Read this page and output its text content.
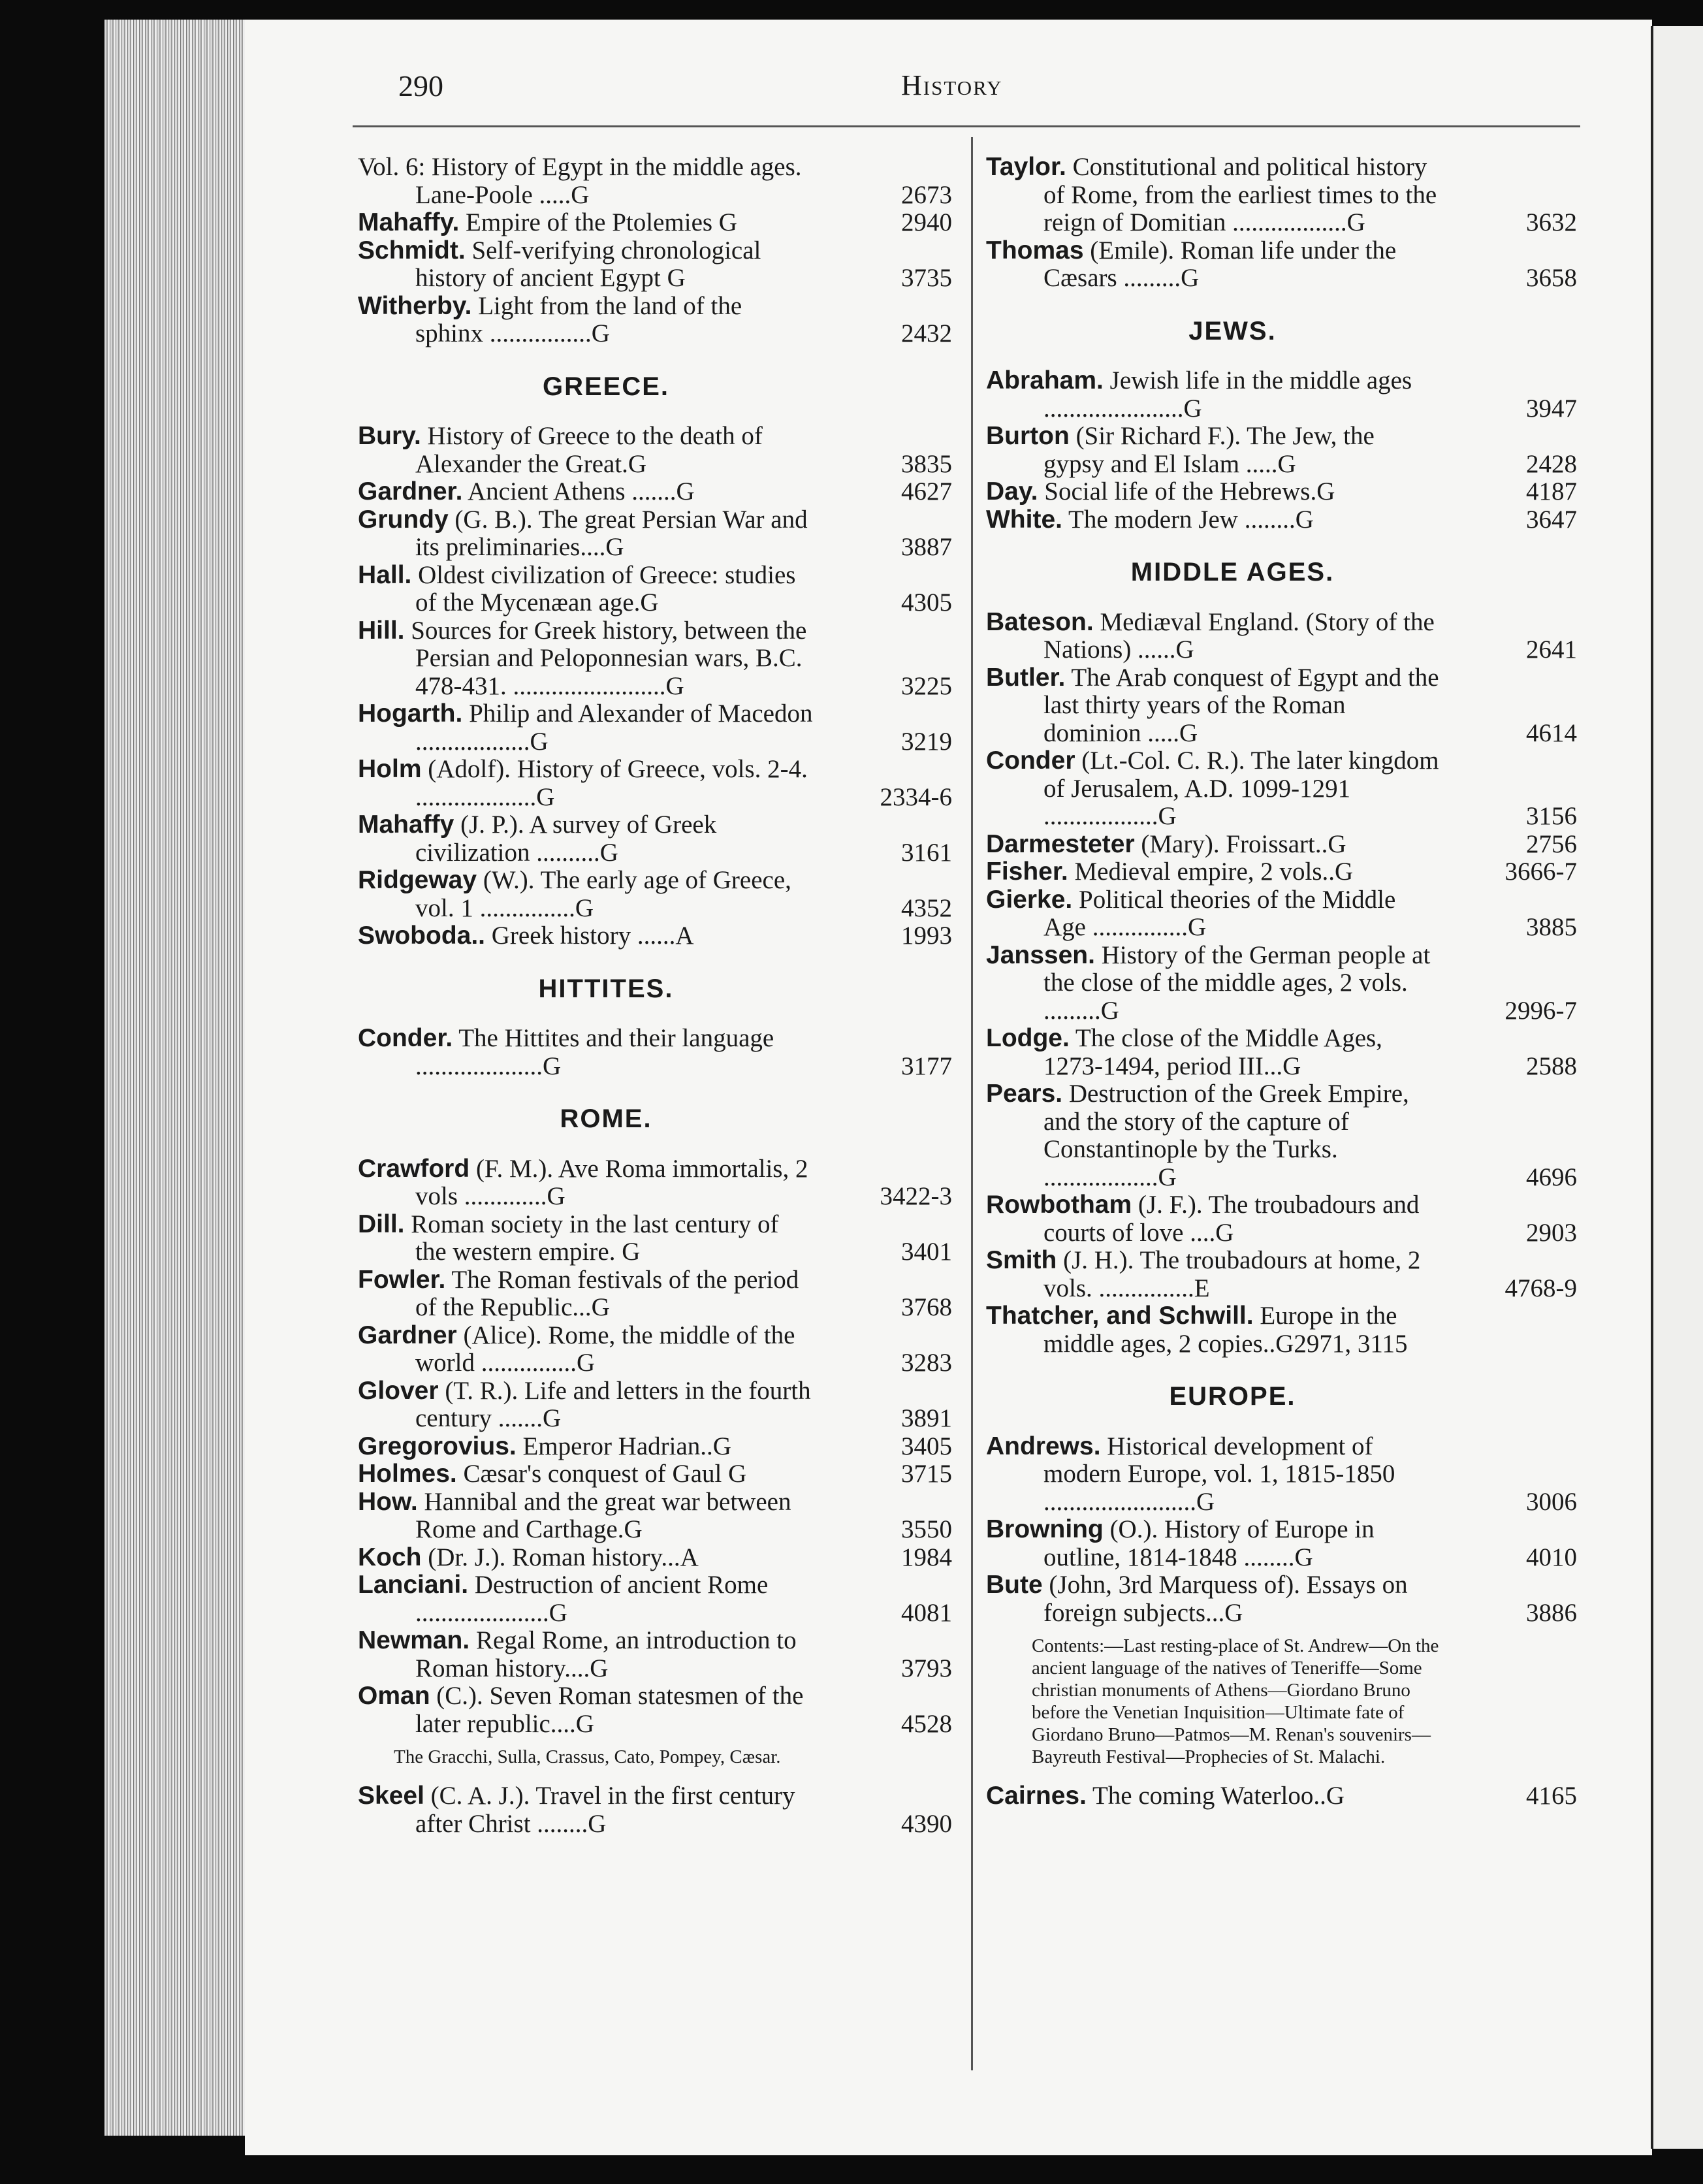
290	History
Vol. 6: History of Egypt in the middle ages. Lane-Poole .....G	2673
Mahaffy. Empire of the Ptolemies G	2940
Schmidt. Self-verifying chronological history of ancient Egypt G	3735
Witherby. Light from the land of the sphinx ................G	2432
GREECE.
Bury. History of Greece to the death of Alexander the Great.G	3835
Gardner. Ancient Athens .......G	4627
Grundy (G. B.). The great Persian War and its preliminaries....G	3887
Hall. Oldest civilization of Greece: studies of the Mycenæan age.G	4305
Hill. Sources for Greek history, between the Persian and Peloponnesian wars, B.C. 478-431. ........................G	3225
Hogarth. Philip and Alexander of Macedon ..................G	3219
Holm (Adolf). History of Greece, vols. 2-4. ...................G	2334-6
Mahaffy (J. P.). A survey of Greek civilization ..........G	3161
Ridgeway (W.). The early age of Greece, vol. 1 ...............G	4352
Swoboda.. Greek history ......A	1993
HITTITES.
Conder. The Hittites and their language ....................G	3177
ROME.
Crawford (F. M.). Ave Roma immortalis, 2 vols .............G	3422-3
Dill. Roman society in the last century of the western empire. G	3401
Fowler. The Roman festivals of the period of the Republic...G	3768
Gardner (Alice). Rome, the middle of the world ...............G	3283
Glover (T. R.). Life and letters in the fourth century .......G	3891
Gregorovius. Emperor Hadrian..G	3405
Holmes. Cæsar's conquest of Gaul G	3715
How. Hannibal and the great war between Rome and Carthage.G	3550
Koch (Dr. J.). Roman history...A	1984
Lanciani. Destruction of ancient Rome .....................G	4081
Newman. Regal Rome, an introduction to Roman history....G	3793
Oman (C.). Seven Roman statesmen of the later republic....G	4528
The Gracchi, Sulla, Crassus, Cato, Pompey, Cæsar.
Skeel (C. A. J.). Travel in the first century after Christ ........G	4390
Taylor. Constitutional and political history of Rome, from the earliest times to the reign of Domitian ..................G	3632
Thomas (Emile). Roman life under the Cæsars .........G	3658
JEWS.
Abraham. Jewish life in the middle ages ......................G	3947
Burton (Sir Richard F.). The Jew, the gypsy and El Islam .....G	2428
Day. Social life of the Hebrews.G	4187
White. The modern Jew ........G	3647
MIDDLE AGES.
Bateson. Mediæval England. (Story of the Nations) ......G	2641
Butler. The Arab conquest of Egypt and the last thirty years of the Roman dominion .....G	4614
Conder (Lt.-Col. C. R.). The later kingdom of Jerusalem, A.D. 1099-1291 ..................G	3156
Darmesteter (Mary). Froissart..G	2756
Fisher. Medieval empire, 2 vols..G	3666-7
Gierke. Political theories of the Middle Age ...............G	3885
Janssen. History of the German people at the close of the middle ages, 2 vols. .........G	2996-7
Lodge. The close of the Middle Ages, 1273-1494, period III...G	2588
Pears. Destruction of the Greek Empire, and the story of the capture of Constantinople by the Turks. ..................G	4696
Rowbotham (J. F.). The troubadours and courts of love ....G	2903
Smith (J. H.). The troubadours at home, 2 vols. ...............E	4768-9
Thatcher, and Schwill. Europe in the middle ages, 2 copies..G2971, 3115
EUROPE.
Andrews. Historical development of modern Europe, vol. 1, 1815-1850 ........................G	3006
Browning (O.). History of Europe in outline, 1814-1848 ........G	4010
Bute (John, 3rd Marquess of). Essays on foreign subjects...G	3886
Contents:—Last resting-place of St. Andrew—On the ancient language of the natives of Teneriffe—Some christian monuments of Athens—Giordano Bruno before the Venetian Inquisition—Ultimate fate of Giordano Bruno—Patmos—M. Renan's souvenirs—Bayreuth Festival—Prophecies of St. Malachi.
Cairnes. The coming Waterloo..G	4165
